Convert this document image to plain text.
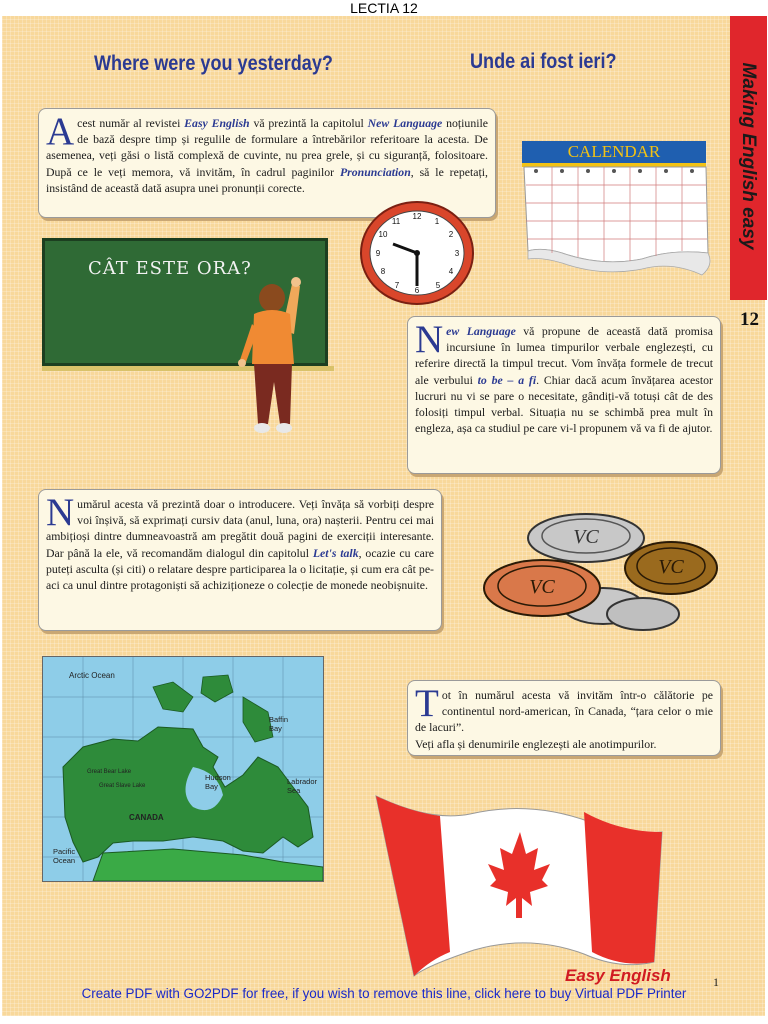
LECTIA 12
Where were you yesterday?	Unde ai fost ieri?
Making English easy
12
Acest număr al revistei Easy English vă prezintă la capitolul New Language noțiunile de bază despre timp și regulile de formulare a întrebărilor referitoare la acesta. De asemenea, veți găsi o listă complexă de cuvinte, nu prea grele, și cu siguranță, folositoare. După ce le veți memora, vă invităm, în cadrul paginilor Pronunciation, să le repetați, insistând de această dată asupra unei pronunții corecte.
CALENDAR
12
1
2
3
4
5
6
7
8
9
10
11
CÂT ESTE ORA?
New Language vă propune de această dată promisa incursiune în lumea timpurilor verbale englezești, cu referire directă la timpul trecut. Vom învăța formele de trecut ale verbului to be – a fi. Chiar dacă acum învățarea acestor lucruri nu vi se pare o necesitate, gândiți-vă totuși cât de des folosiți timpul verbal. Situația nu se schimbă prea mult în engleza, așa ca studiul pe care vi-l propunem vă va fi de ajutor.
Numărul acesta vă prezintă doar o introducere. Veți învăța să vorbiți despre voi înșivă, să exprimați cursiv data (anul, luna, ora) nașterii. Pentru cei mai ambițioși dintre dumneavoastră am pregătit două pagini de exerciții interesante. Dar până la ele, vă recomandăm dialogul din capitolul Let's talk, ocazie cu care puteți asculta (și citi) o relatare despre participarea la o licitație, și cum era cât pe-aci ca unul dintre protagoniști să achiziționeze o colecție de monede neobișnuite.
VC
VC
VC
Arctic Ocean
Baffin Bay
Hudson Bay
Labrador Sea
CANADA
Pacific Ocean
Great Bear Lake
Great Slave Lake
Tot în numărul acesta vă invităm într-o călătorie pe continentul nord-american, în Canada, “țara celor o mie de lacuri”.
Veți afla și denumirile englezești ale anotimpurilor.
Easy English	1
Create PDF with GO2PDF for free, if you wish to remove this line, click here to buy Virtual PDF Printer
